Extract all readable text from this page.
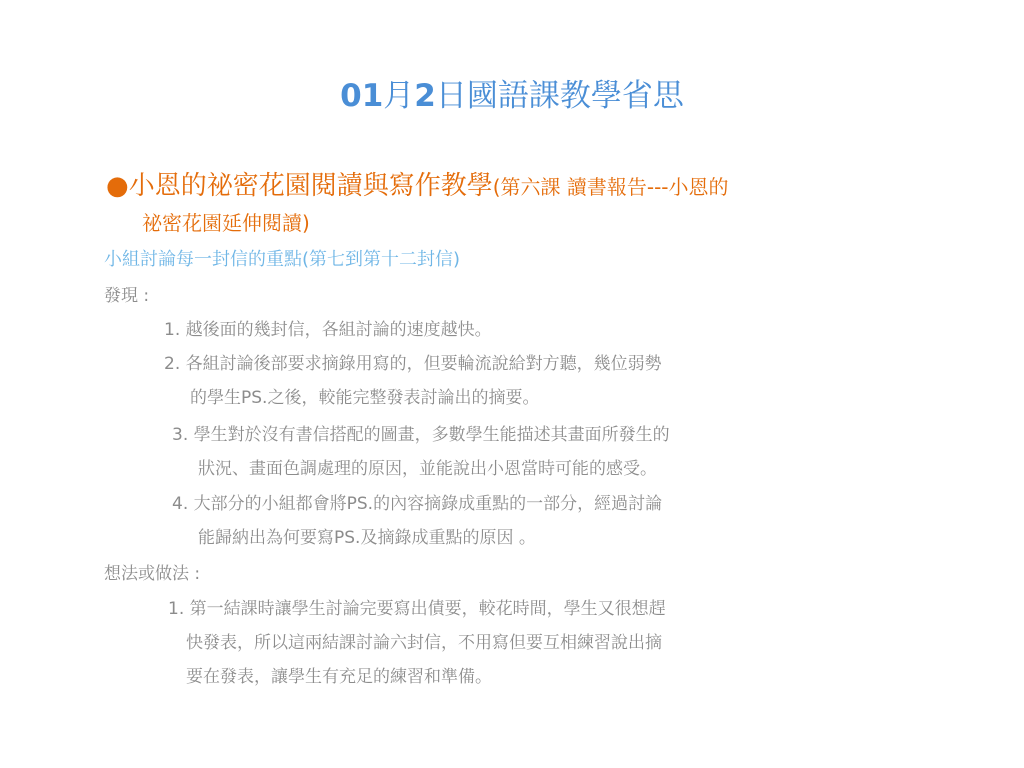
01月2日國語課教學省思
●小恩的祕密花園閱讀與寫作教學(第六課 讀書報告---小恩的
祕密花園延伸閱讀)
小組討論每一封信的重點(第七到第十二封信)
發現 :
1. 越後面的幾封信，各組討論的速度越快。
2. 各組討論後部要求摘錄用寫的，但要輪流說給對方聽，幾位弱勢
的學生PS.之後，較能完整發表討論出的摘要。
3. 學生對於沒有書信搭配的圖畫，多數學生能描述其畫面所發生的
狀況、畫面色調處理的原因，並能說出小恩當時可能的感受。
4. 大部分的小組都會將PS.的內容摘錄成重點的一部分，經過討論
能歸納出為何要寫PS.及摘錄成重點的原因 。
想法或做法 :
1. 第一結課時讓學生討論完要寫出債要，較花時間，學生又很想趕
快發表，所以這兩結課討論六封信，不用寫但要互相練習說出摘
要在發表，讓學生有充足的練習和準備。
